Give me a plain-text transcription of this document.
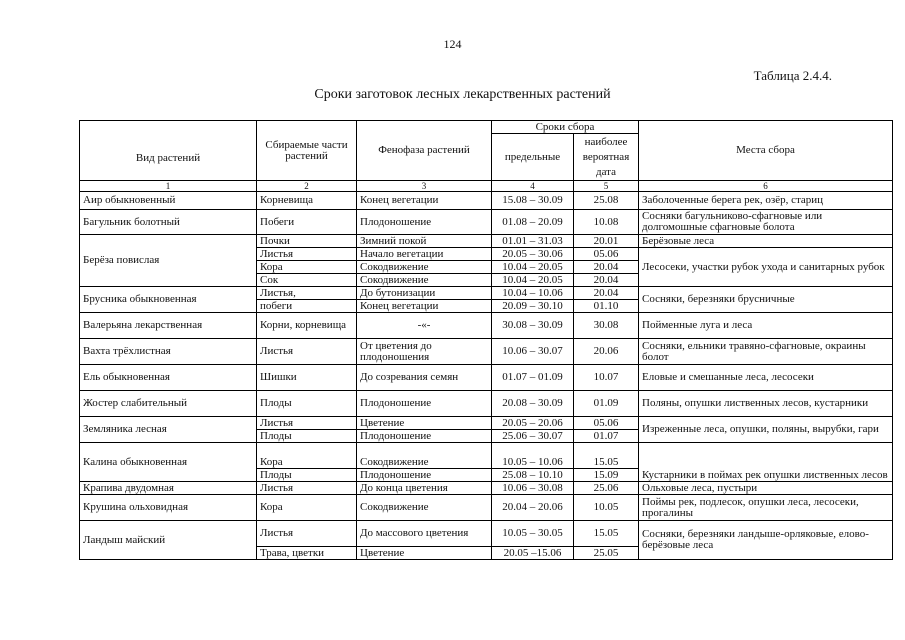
124
Таблица 2.4.4.
Сроки заготовок лесных лекарственных растений
Вид растений	Сбираемые части растений	Фенофаза растений	Сроки сбора		Места сбора
			предельные	наиболее вероятная дата	
1	2	3	4	5	6
Аир обыкновенный	Корневища	Конец вегетации	15.08 – 30.09	25.08	Заболоченные берега рек, озёр, стариц
Багульник болотный	Побеги	Плодоношение	01.08 – 20.09	10.08	Сосняки багульниково-сфагновые или долгомошные сфагновые болота
Берёза повислая	Почки	Зимний покой	01.01 – 31.03	20.01	Берёзовые леса
	Листья	Начало вегетации	20.05 – 30.06	05.06	Лесосеки, участки рубок ухода и санитарных рубок
	Кора	Сокодвижение	10.04 – 20.05	20.04	
	Сок	Сокодвижение	10.04 – 20.05	20.04	
Брусника обыкновенная	Листья,	До бутонизации	10.04 – 10.06	20.04	Сосняки, березняки брусничные
	побеги	Конец вегетации	20.09 – 30.10	01.10	
Валерьяна лекарственная	Корни, корневища	-«-	30.08 – 30.09	30.08	Пойменные луга и леса
Вахта трёхлистная	Листья	От цветения до плодоношения	10.06 – 30.07	20.06	Сосняки, ельники травяно-сфагновые, окраины болот
Ель обыкновенная	Шишки	До созревания семян	01.07 – 01.09	10.07	Еловые и смешанные леса, лесосеки
Жостер слабительный	Плоды	Плодоношение	20.08 – 30.09	01.09	Поляны, опушки лиственных лесов, кустарники
Земляника лесная	Листья	Цветение	20.05 – 20.06	05.06	Изреженные леса, опушки, поляны, вырубки, гари
	Плоды	Плодоношение	25.06 – 30.07	01.07	
Калина обыкновенная	Кора	Сокодвижение	10.05 – 10.06	15.05	Кустарники в поймах рек опушки лиственных лесов
	Плоды	Плодоношение	25.08 – 10.10	15.09	
Крапива двудомная	Листья	До конца цветения	10.06 – 30.08	25.06	Ольховые леса, пустыри
Крушина ольховидная	Кора	Сокодвижение	20.04 – 20.06	10.05	Поймы рек, подлесок, опушки леса, лесосеки, прогалины
Ландыш майский	Листья	До массового цветения	10.05 – 30.05	15.05	Сосняки, березняки ландыше-орляковые, елово-берёзовые леса
	Трава, цветки	Цветение	20.05 –15.06	25.05	
